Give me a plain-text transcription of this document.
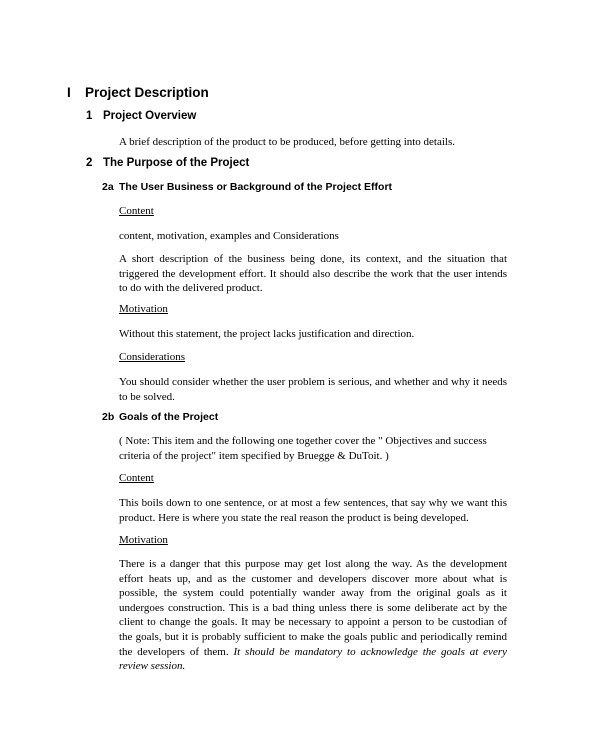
I Project Description
1 Project Overview

A brief description of the product to be produced, before getting into details.

2 The Purpose of the Project
2a The User Business or Background of the Project Effort

Content

content, motivation, examples and Considerations

A short description of the business being done, its context, and the situation that triggered the development effort. It should also describe the work that the user intends to do with the delivered product.

Motivation

Without this statement, the project lacks justification and direction.

Considerations

You should consider whether the user problem is serious, and whether and why it needs to be solved.

2b Goals of the Project

( Note: This item and the following one together cover the " Objectives and success criteria of the project" item specified by Bruegge & DuToit. )

Content

This boils down to one sentence, or at most a few sentences, that say why we want this product. Here is where you state the real reason the product is being developed.

Motivation

There is a danger that this purpose may get lost along the way. As the development effort heats up, and as the customer and developers discover more about what is possible, the system could potentially wander away from the original goals as it undergoes construction. This is a bad thing unless there is some deliberate act by the client to change the goals. It may be necessary to appoint a person to be custodian of the goals, but it is probably sufficient to make the goals public and periodically remind the developers of them. It should be mandatory to acknowledge the goals at every review session.
